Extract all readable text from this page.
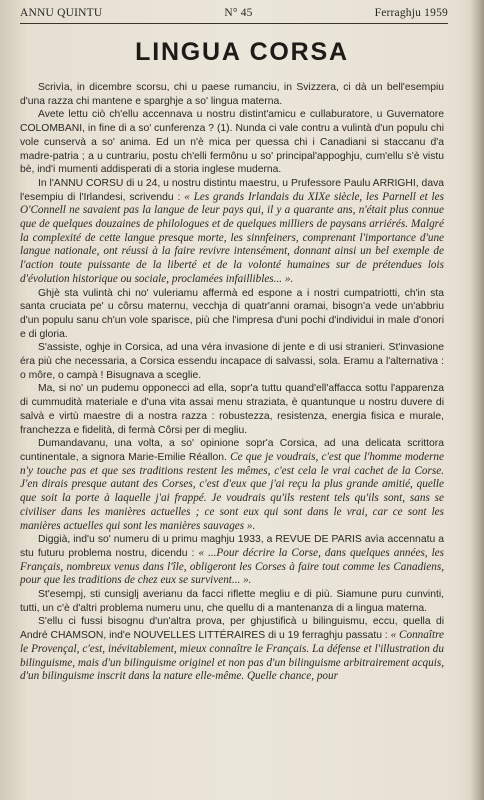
ANNU QUINTU	N° 45	Ferraghju 1959
LINGUA CORSA

Scrivìa, in dicembre scorsu, chi u paese rumanciu, in Svizzera, ci dà un bell'esempiu d'una razza chi mantene e sparghje a so' lingua materna.

Avete lettu ciò ch'ellu accennava u nostru distint'amicu e cullaburatore, u Guvernatore COLOMBANI, in fine di a so' cunferenza ? (1). Nunda ci vale contru a vulintà d'un populu chi vole cunservà a so' anima. Ed un n'è mica per quessa chi i Canadiani si staccanu d'a madre-patria ; a u cuntrariu, postu ch'elli fermônu u so' principal'appoghju, cum'ellu s'è vistu bè, ind'i mumenti addisperati di a storia inglese muderna.

In l'ANNU CORSU di u 24, u nostru distintu maestru, u Prufessore Paulu ARRIGHI, dava l'esempiu di l'Irlandesi, scrivendu : « Les grands Irlandais du XIXe siècle, les Parnell et les O'Connell ne savaient pas la langue de leur pays qui, il y a quarante ans, n'était plus connue que de quelques douzaines de philologues et de quelques milliers de paysans arriérés. Malgré la complexité de cette langue presque morte, les sinnfeiners, comprenant l'importance d'une langue nationale, ont réussi à la faire revivre intensément, donnant ainsi un bel exemple de l'action toute puissante de la liberté et de la volonté humaines sur de prétendues lois d'évolution historique ou sociale, proclamées infaillibles... ».

Ghjè sta vulintà chi no' vuleriamu affermà ed espone a i nostri cumpatriotti, ch'in sta santa cruciata pe' u côrsu maternu, vecchja di quatr'anni oramai, bisogn'a vede un'abbriu d'un populu sanu ch'un vole sparisce, più che l'impresa d'uni pochi d'individui in male d'onori e di gloria.

S'assiste, oghje in Corsica, ad una véra invasione di jente e di usi stranieri. St'invasione éra più che necessaria, a Corsica essendu incapace di salvassi, sola. Eramu a l'alternativa : o môre, o campà ! Bisugnava a sceglie.

Ma, si no' un pudemu opponecci ad ella, sopr'a tuttu quand'ell'affacca sottu l'apparenza di cummudità materiale e d'una vita assai menu straziata, è quantunque u nostru duvere di salvà e virtù maestre di a nostra razza : robustezza, resistenza, energia fisica e murale, franchezza e fidelità, di fermà Côrsi per di megliu.

Dumandavanu, una volta, a so' opinione sopr'a Corsica, ad una delicata scrittora cuntinentale, a signora Marie-Emilie Réallon. Ce que je voudrais, c'est que l'homme moderne n'y touche pas et que ses traditions restent les mêmes, c'est cela le vrai cachet de la Corse. J'en dirais presque autant des Corses, c'est d'eux que j'ai reçu la plus grande amitié, quelle que soit la porte à laquelle j'ai frappé. Je voudrais qu'ils restent tels qu'ils sont, sans se civiliser dans les manières actuelles ; ce sont eux qui sont dans le vrai, car ce sont les manières actuelles qui sont les manières sauvages ».

Diggià, ind'u so' numeru di u primu maghju 1933, a REVUE DE PARIS avìa accennatu a stu futuru problema nostru, dicendu : « ...Pour décrire la Corse, dans quelques années, les Français, nombreux venus dans l'île, obligeront les Corses à faire tout comme les Canadiens, pour que les traditions de chez eux se survivent... ».

St'esempj, sti cunsiglj averianu da facci riflette megliu e di più. Siamune puru cunvinti, tutti, un c'è d'altri problema numeru unu, che quellu di a mantenanza di a lingua materna.

S'ellu ci fussi bisognu d'un'altra prova, per ghjustificà u bilinguismu, eccu, quella di André CHAMSON, ind'e NOUVELLES LITTÉRAIRES di u 19 ferraghju passatu : « Connaître le Provençal, c'est, inévitablement, mieux connaître le Français. La défense et l'illustration du bilinguisme, mais d'un bilinguisme originel et non pas d'un bilinguisme arbitrairement acquis, d'un bilinguisme inscrit dans la nature elle-même. Quelle chance, pour
